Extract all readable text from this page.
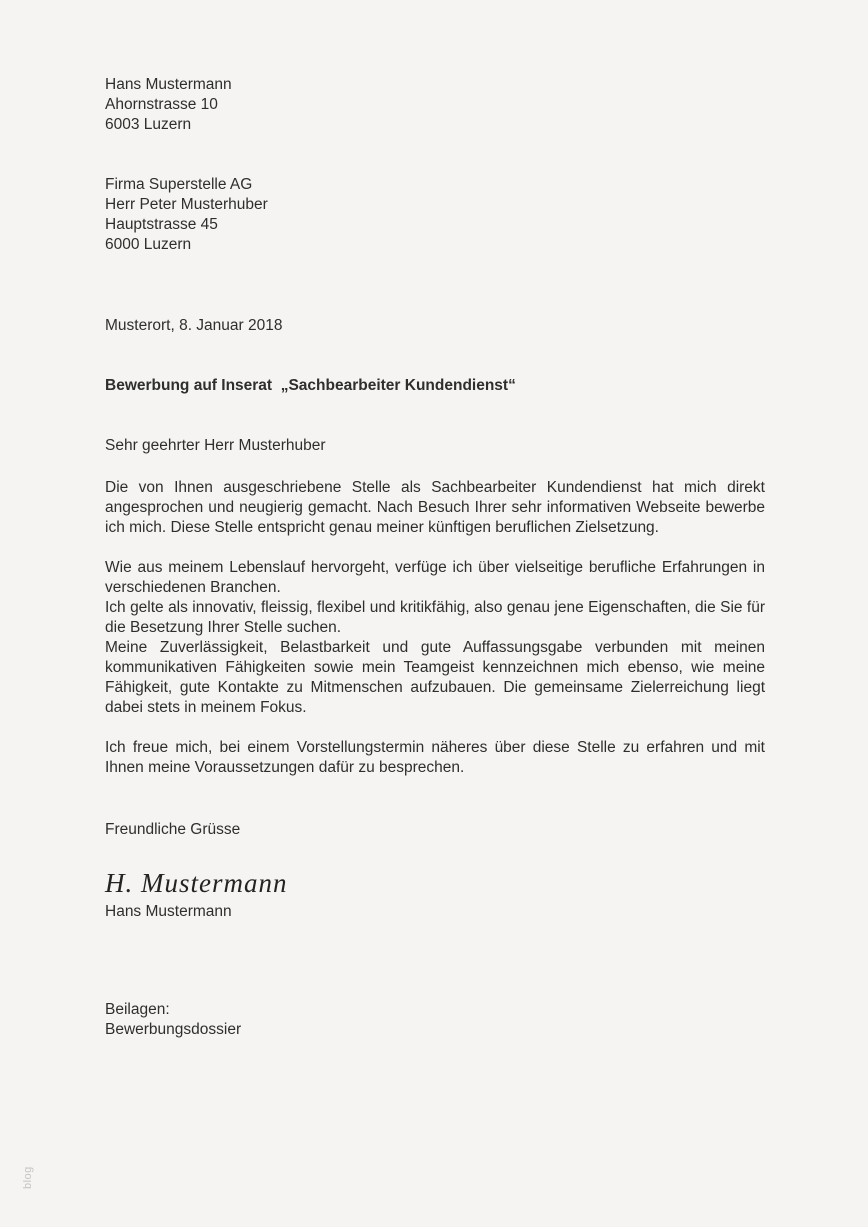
Hans Mustermann
Ahornstrasse 10
6003 Luzern
Firma Superstelle AG
Herr Peter Musterhuber
Hauptstrasse 45
6000 Luzern
Musterort, 8. Januar 2018
Bewerbung auf Inserat  „Sachbearbeiter Kundendienst“
Sehr geehrter Herr Musterhuber
Die von Ihnen ausgeschriebene Stelle als Sachbearbeiter Kundendienst hat mich direkt angesprochen und neugierig gemacht. Nach Besuch Ihrer sehr informativen Webseite bewerbe ich mich. Diese Stelle entspricht genau meiner künftigen beruflichen Zielsetzung.
Wie aus meinem Lebenslauf hervorgeht, verfüge ich über vielseitige berufliche Erfahrungen in verschiedenen Branchen.
Ich gelte als innovativ, fleissig, flexibel und kritikfähig, also genau jene Eigenschaften, die Sie für die Besetzung Ihrer Stelle suchen.
Meine Zuverlässigkeit, Belastbarkeit und gute Auffassungsgabe verbunden mit meinen kommunikativen Fähigkeiten sowie mein Teamgeist kennzeichnen mich ebenso, wie meine Fähigkeit, gute Kontakte zu Mitmenschen aufzubauen. Die gemeinsame Zielerreichung liegt dabei stets in meinem Fokus.
Ich freue mich, bei einem Vorstellungstermin näheres über diese Stelle zu erfahren und mit Ihnen meine Voraussetzungen dafür zu besprechen.
Freundliche Grüsse
H. Mustermann
Hans Mustermann
Beilagen:
Bewerbungsdossier
blog
